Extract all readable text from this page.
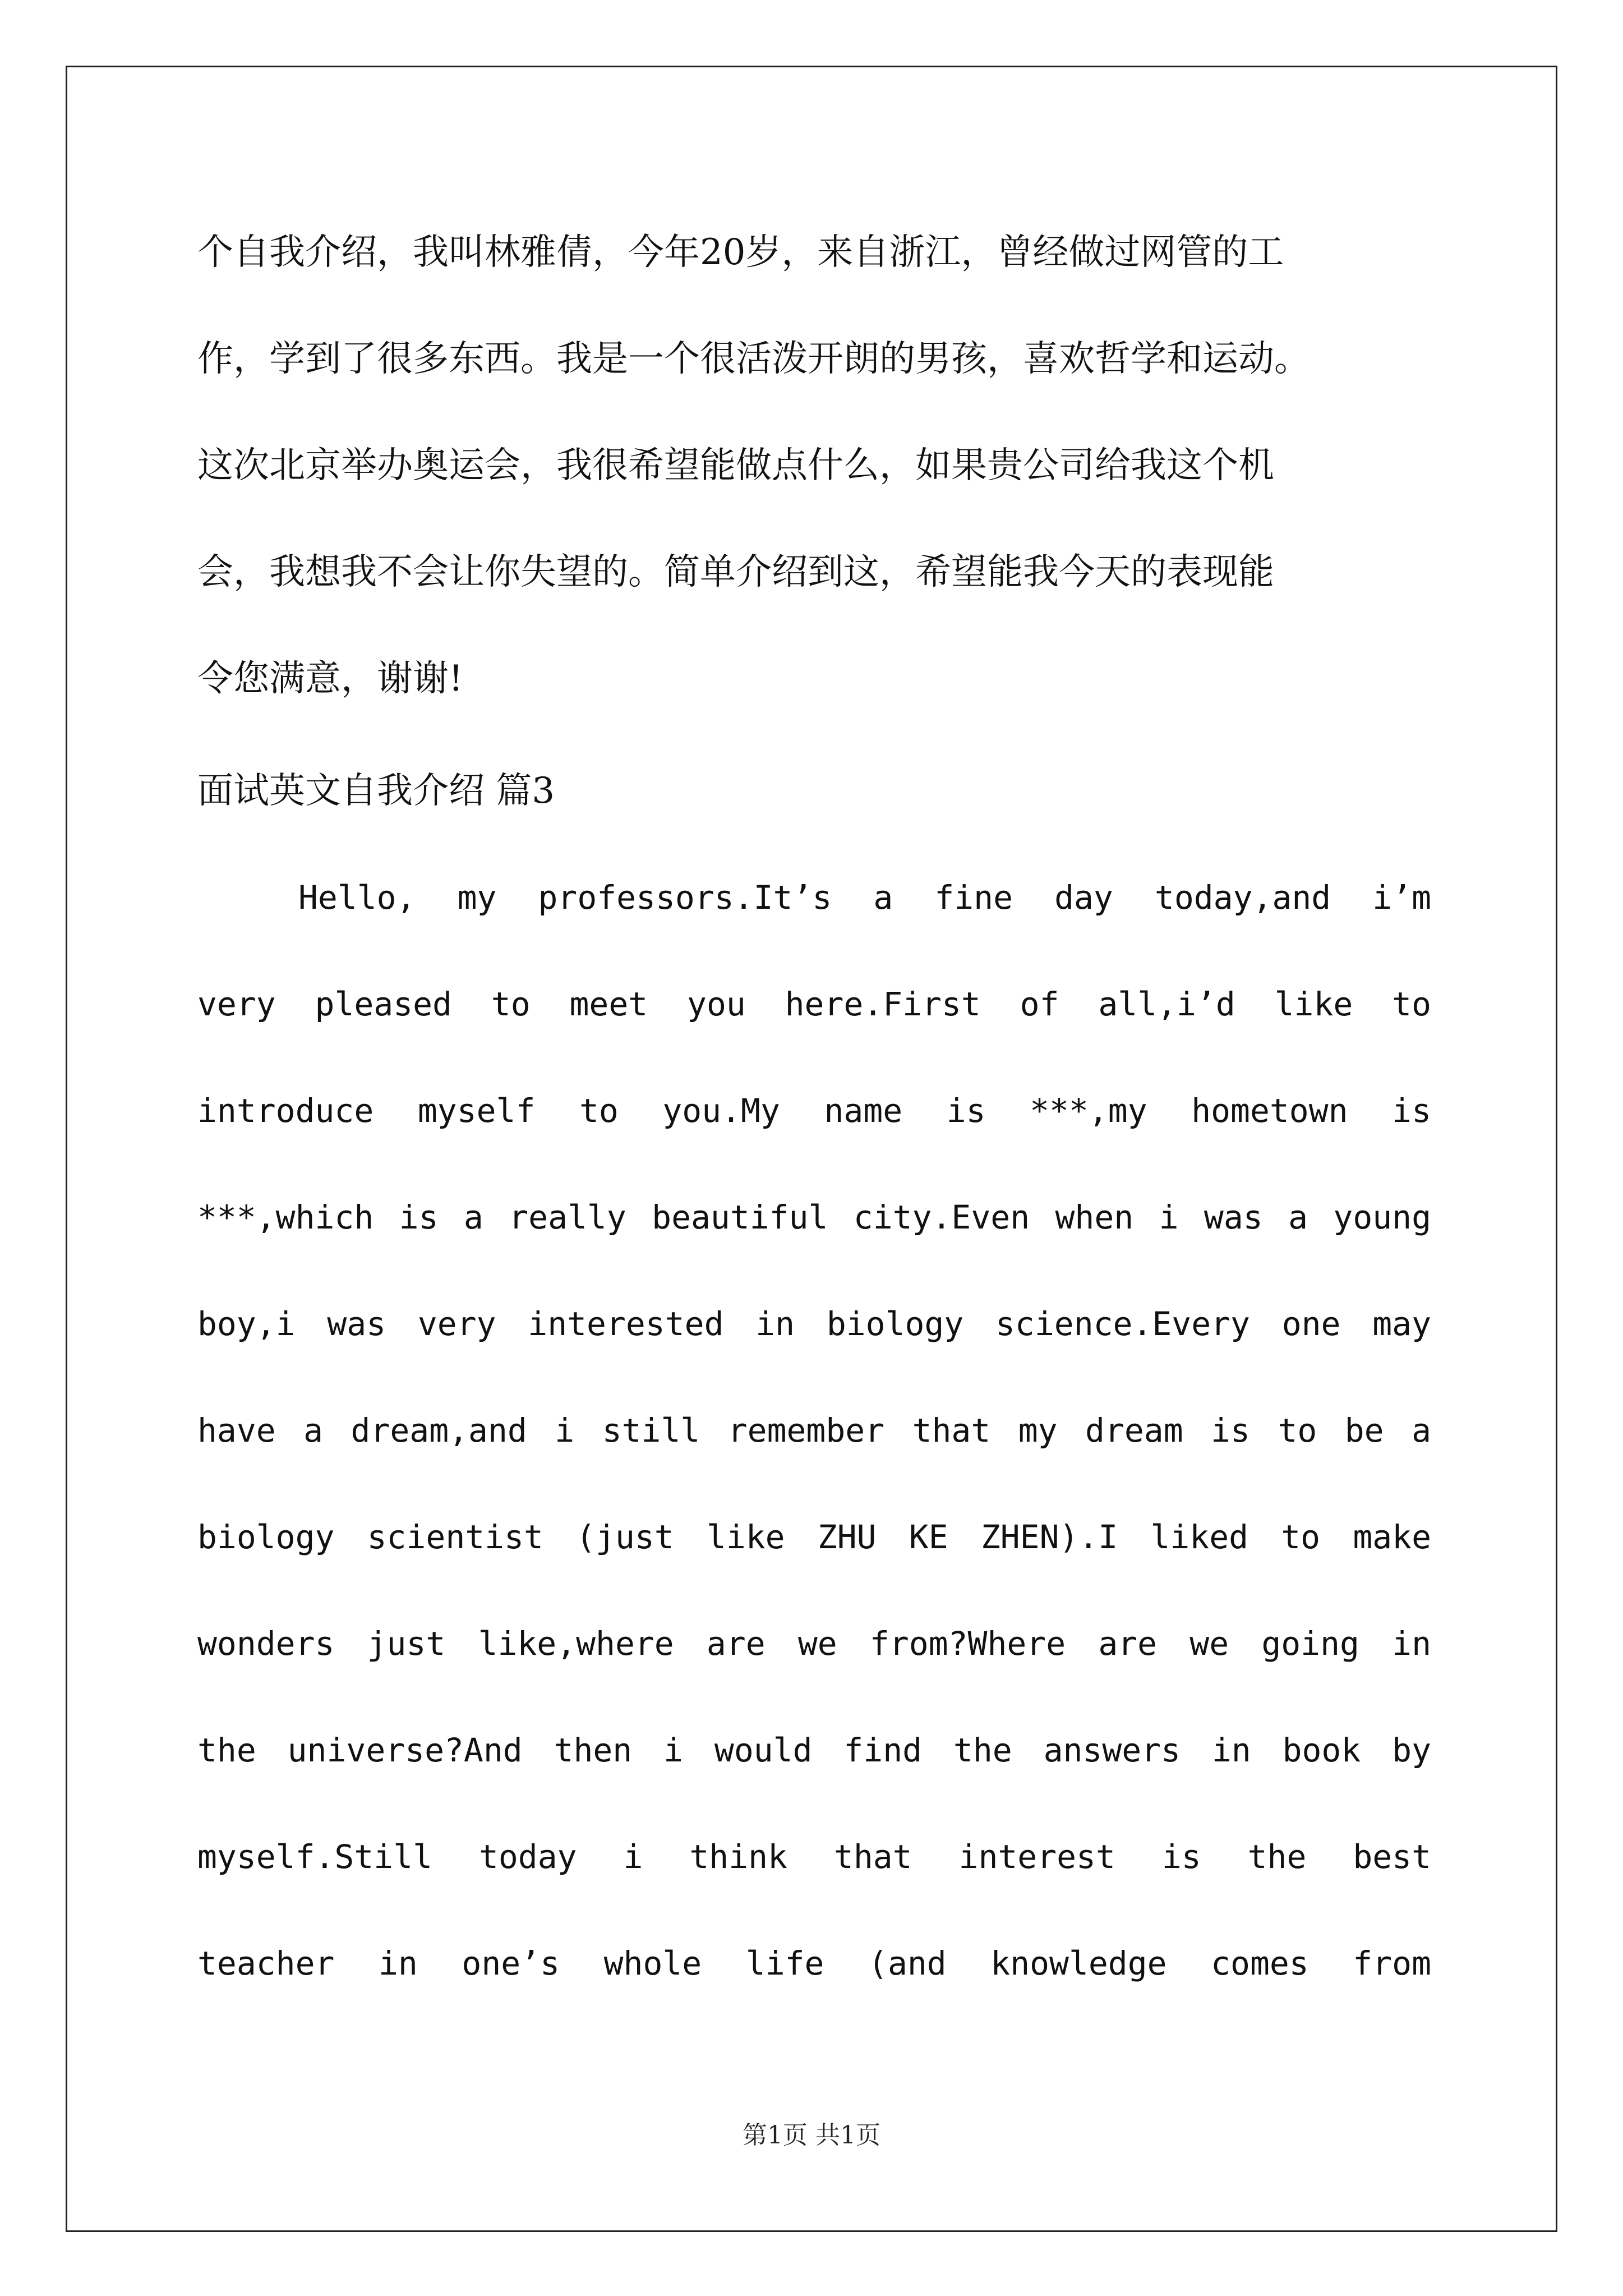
个自我介绍，我叫林雅倩，今年20岁，来自浙江，曾经做过网管的工
作，学到了很多东西。我是一个很活泼开朗的男孩，喜欢哲学和运动。
这次北京举办奥运会，我很希望能做点什么，如果贵公司给我这个机
会，我想我不会让你失望的。简单介绍到这，希望能我今天的表现能
令您满意，谢谢!
面试英文自我介绍 篇3
Hello, my professors.It’s a fine day today,and i’m
very pleased to meet you here.First of all,i’d like to
introduce myself to you.My name is ***,my hometown is
***,which is a really beautiful city.Even when i was a young
boy,i was very interested in biology science.Every one may
have a dream,and i still remember that my dream is to be a
biology scientist (just like ZHU KE ZHEN).I liked to make
wonders just like,where are we from?Where are we going in
the universe?And then i would find the answers in book by
myself.Still today i think that interest is the best
teacher in one’s whole life (and knowledge comes from
第1页 共1页
